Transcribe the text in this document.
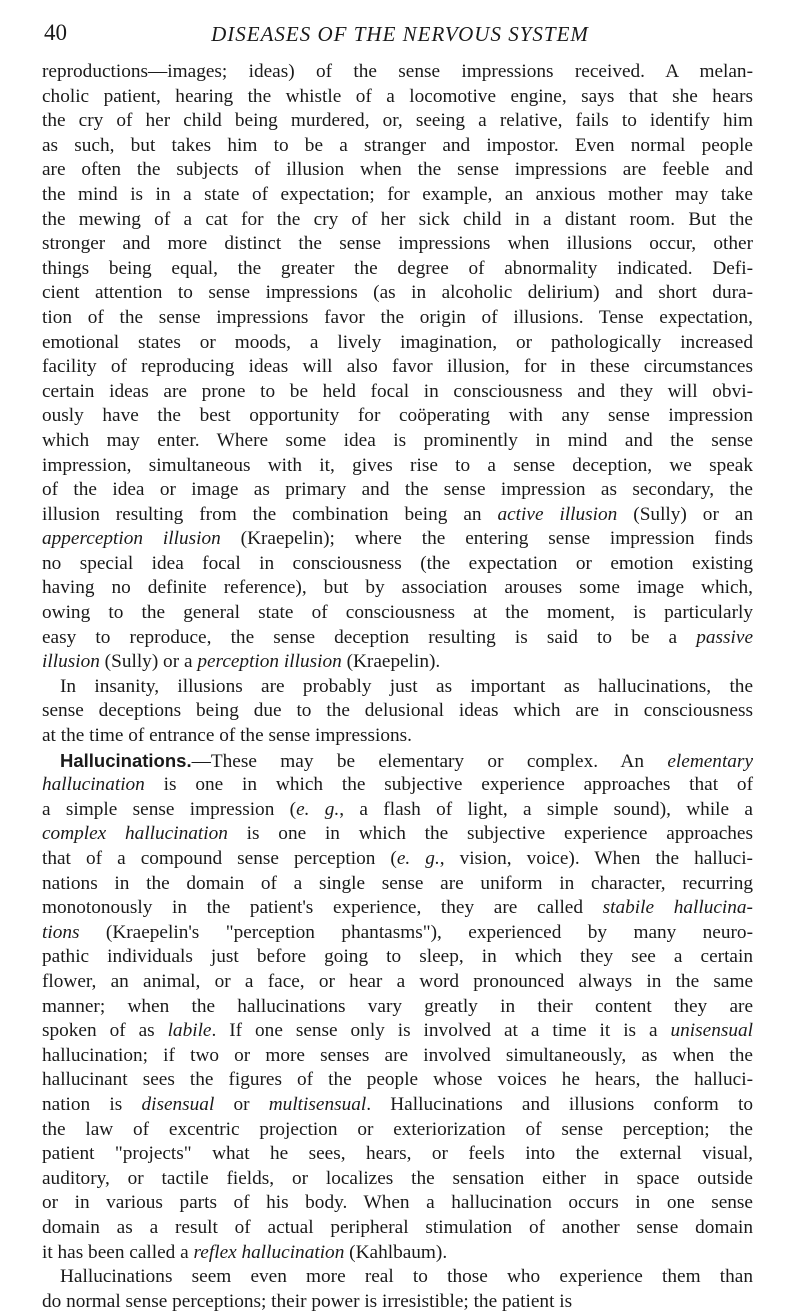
40	DISEASES OF THE NERVOUS SYSTEM
reproductions—images; ideas) of the sense impressions received. A melan-
cholic patient, hearing the whistle of a locomotive engine, says that she hears
the cry of her child being murdered, or, seeing a relative, fails to identify him
as such, but takes him to be a stranger and impostor. Even normal people
are often the subjects of illusion when the sense impressions are feeble and
the mind is in a state of expectation; for example, an anxious mother may take
the mewing of a cat for the cry of her sick child in a distant room. But the
stronger and more distinct the sense impressions when illusions occur, other
things being equal, the greater the degree of abnormality indicated. Defi-
cient attention to sense impressions (as in alcoholic delirium) and short dura-
tion of the sense impressions favor the origin of illusions. Tense expectation,
emotional states or moods, a lively imagination, or pathologically increased
facility of reproducing ideas will also favor illusion, for in these circumstances
certain ideas are prone to be held focal in consciousness and they will obvi-
ously have the best opportunity for coöperating with any sense impression
which may enter. Where some idea is prominently in mind and the sense
impression, simultaneous with it, gives rise to a sense deception, we speak
of the idea or image as primary and the sense impression as secondary, the
illusion resulting from the combination being an active illusion (Sully) or an
apperception illusion (Kraepelin); where the entering sense impression finds
no special idea focal in consciousness (the expectation or emotion existing
having no definite reference), but by association arouses some image which,
owing to the general state of consciousness at the moment, is particularly
easy to reproduce, the sense deception resulting is said to be a passive
illusion (Sully) or a perception illusion (Kraepelin).
In insanity, illusions are probably just as important as hallucinations, the
sense deceptions being due to the delusional ideas which are in consciousness
at the time of entrance of the sense impressions.
Hallucinations.—These may be elementary or complex. An elementary
hallucination is one in which the subjective experience approaches that of
a simple sense impression (e. g., a flash of light, a simple sound), while a
complex hallucination is one in which the subjective experience approaches
that of a compound sense perception (e. g., vision, voice). When the halluci-
nations in the domain of a single sense are uniform in character, recurring
monotonously in the patient's experience, they are called stabile hallucina-
tions (Kraepelin's "perception phantasms"), experienced by many neuro-
pathic individuals just before going to sleep, in which they see a certain
flower, an animal, or a face, or hear a word pronounced always in the same
manner; when the hallucinations vary greatly in their content they are
spoken of as labile. If one sense only is involved at a time it is a unisensual
hallucination; if two or more senses are involved simultaneously, as when the
hallucinant sees the figures of the people whose voices he hears, the halluci-
nation is disensual or multisensual. Hallucinations and illusions conform to
the law of excentric projection or exteriorization of sense perception; the
patient "projects" what he sees, hears, or feels into the external visual,
auditory, or tactile fields, or localizes the sensation either in space outside
or in various parts of his body. When a hallucination occurs in one sense
domain as a result of actual peripheral stimulation of another sense domain
it has been called a reflex hallucination (Kahlbaum).
Hallucinations seem even more real to those who experience them than
do normal sense perceptions; their power is irresistible; the patient is
